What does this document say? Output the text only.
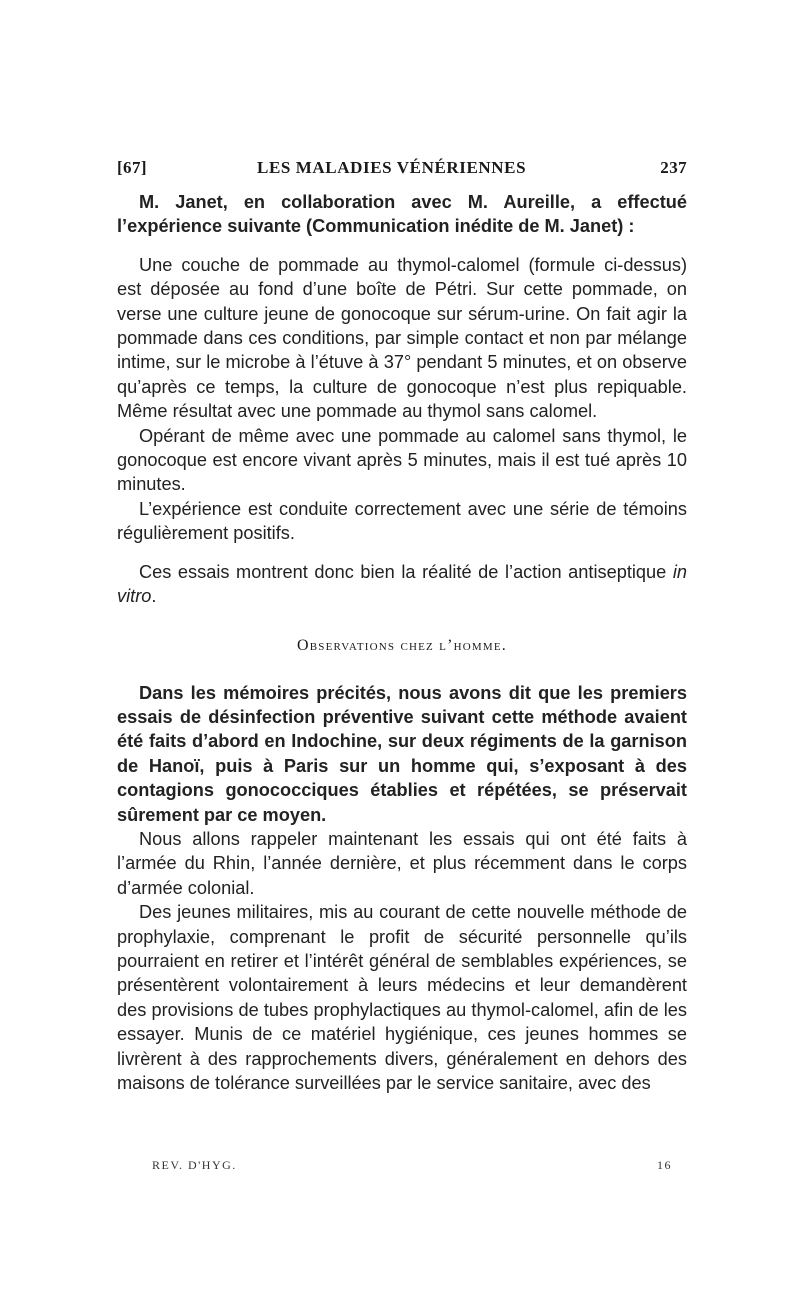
[67]	LES MALADIES VÉNÉRIENNES	237

M. Janet, en collaboration avec M. Aureille, a effectué l’expérience suivante (Communication inédite de M. Janet) :

Une couche de pommade au thymol-calomel (formule ci-dessus) est déposée au fond d’une boîte de Pétri. Sur cette pommade, on verse une culture jeune de gonocoque sur sérum-urine. On fait agir la pommade dans ces conditions, par simple contact et non par mélange intime, sur le microbe à l’étuve à 37° pendant 5 minutes, et on observe qu’après ce temps, la culture de gonocoque n’est plus repiquable. Même résultat avec une pommade au thymol sans calomel.

Opérant de même avec une pommade au calomel sans thymol, le gonocoque est encore vivant après 5 minutes, mais il est tué après 10 minutes.

L’expérience est conduite correctement avec une série de témoins régulièrement positifs.

Ces essais montrent donc bien la réalité de l’action antiseptique in vitro.

Observations chez l’homme.

Dans les mémoires précités, nous avons dit que les premiers essais de désinfection préventive suivant cette méthode avaient été faits d’abord en Indochine, sur deux régiments de la garnison de Hanoï, puis à Paris sur un homme qui, s’exposant à des contagions gonococciques établies et répétées, se préservait sûrement par ce moyen.

Nous allons rappeler maintenant les essais qui ont été faits à l’armée du Rhin, l’année dernière, et plus récemment dans le corps d’armée colonial.

Des jeunes militaires, mis au courant de cette nouvelle méthode de prophylaxie, comprenant le profit de sécurité personnelle qu’ils pourraient en retirer et l’intérêt général de semblables expériences, se présentèrent volontairement à leurs médecins et leur demandèrent des provisions de tubes prophylactiques au thymol-calomel, afin de les essayer. Munis de ce matériel hygiénique, ces jeunes hommes se livrèrent à des rapprochements divers, généralement en dehors des maisons de tolérance surveillées par le service sanitaire, avec des

REV. D'HYG.	16
